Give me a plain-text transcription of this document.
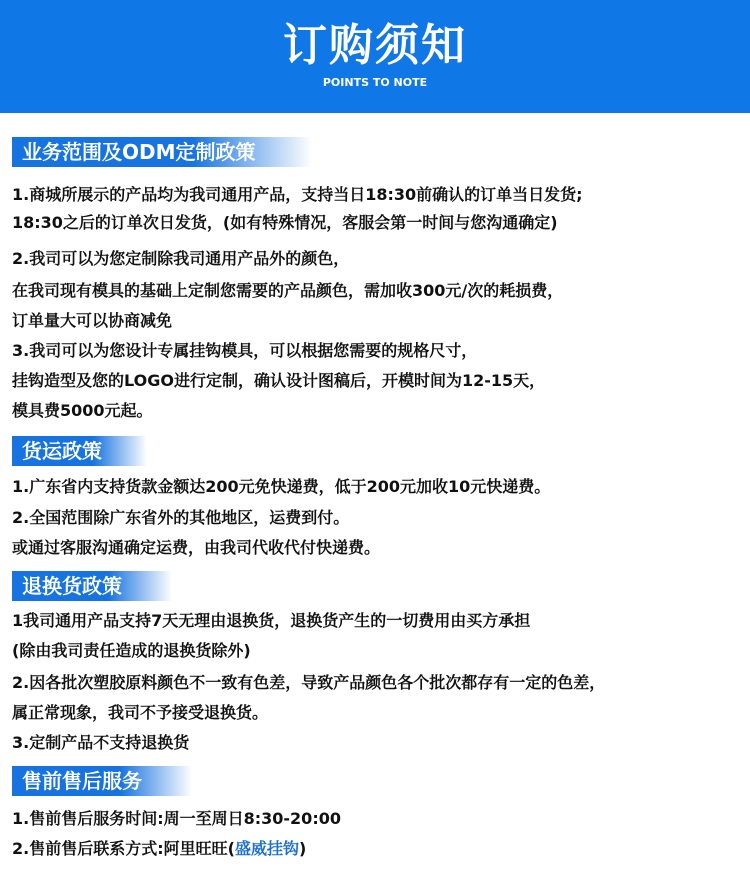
订购须知
POINTS TO NOTE
业务范围及ODM定制政策
1.商城所展示的产品均为我司通用产品，支持当日18:30前确认的订单当日发货;
18:30之后的订单次日发货，(如有特殊情况，客服会第一时间与您沟通确定)
2.我司可以为您定制除我司通用产品外的颜色，
在我司现有模具的基础上定制您需要的产品颜色，需加收300元/次的耗损费，
订单量大可以协商减免
3.我司可以为您设计专属挂钩模具，可以根据您需要的规格尺寸，
挂钩造型及您的LOGO进行定制，确认设计图稿后，开模时间为12-15天，
模具费5000元起。
货运政策
1.广东省内支持货款金额达200元免快递费，低于200元加收10元快递费。
2.全国范围除广东省外的其他地区，运费到付。
或通过客服沟通确定运费，由我司代收代付快递费。
退换货政策
1我司通用产品支持7天无理由退换货，退换货产生的一切费用由买方承担
(除由我司责任造成的退换货除外)
2.因各批次塑胶原料颜色不一致有色差，导致产品颜色各个批次都存有一定的色差，
属正常现象，我司不予接受退换货。
3.定制产品不支持退换货
售前售后服务
1.售前售后服务时间:周一至周日8:30-20:00
2.售前售后联系方式:阿里旺旺(盛威挂钩)
